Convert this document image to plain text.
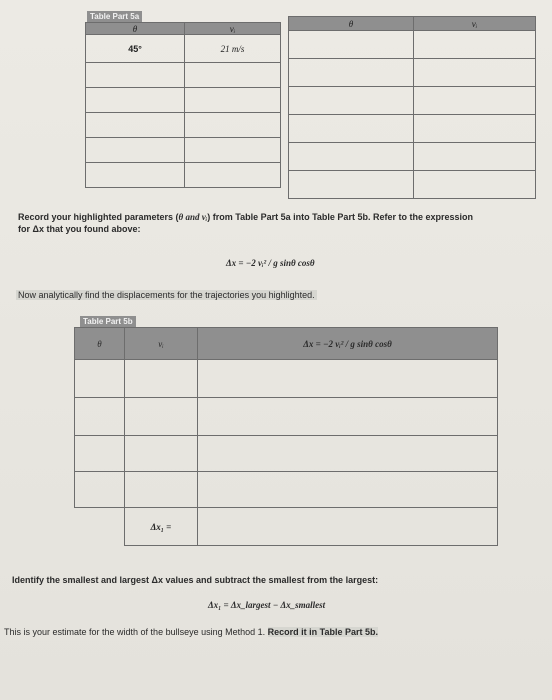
Table Part 5a
θ	vᵢ
45°	21 m/s

θ	vᵢ

Record your highlighted parameters (θ and vᵢ) from Table Part 5a into Table Part 5b. Refer to the expression
for Δx that you found above:
Δx = −2 vᵢ² / g sinθ cosθ
Now analytically find the displacements for the trajectories you highlighted.
Table Part 5b
θ	vᵢ	Δx = −2 vᵢ² / g sinθ cosθ

	Δx₁ =	
Identify the smallest and largest Δx values and subtract the smallest from the largest:
Δx₁ = Δx_largest − Δx_smallest
This is your estimate for the width of the bullseye using Method 1. Record it in Table Part 5b.
